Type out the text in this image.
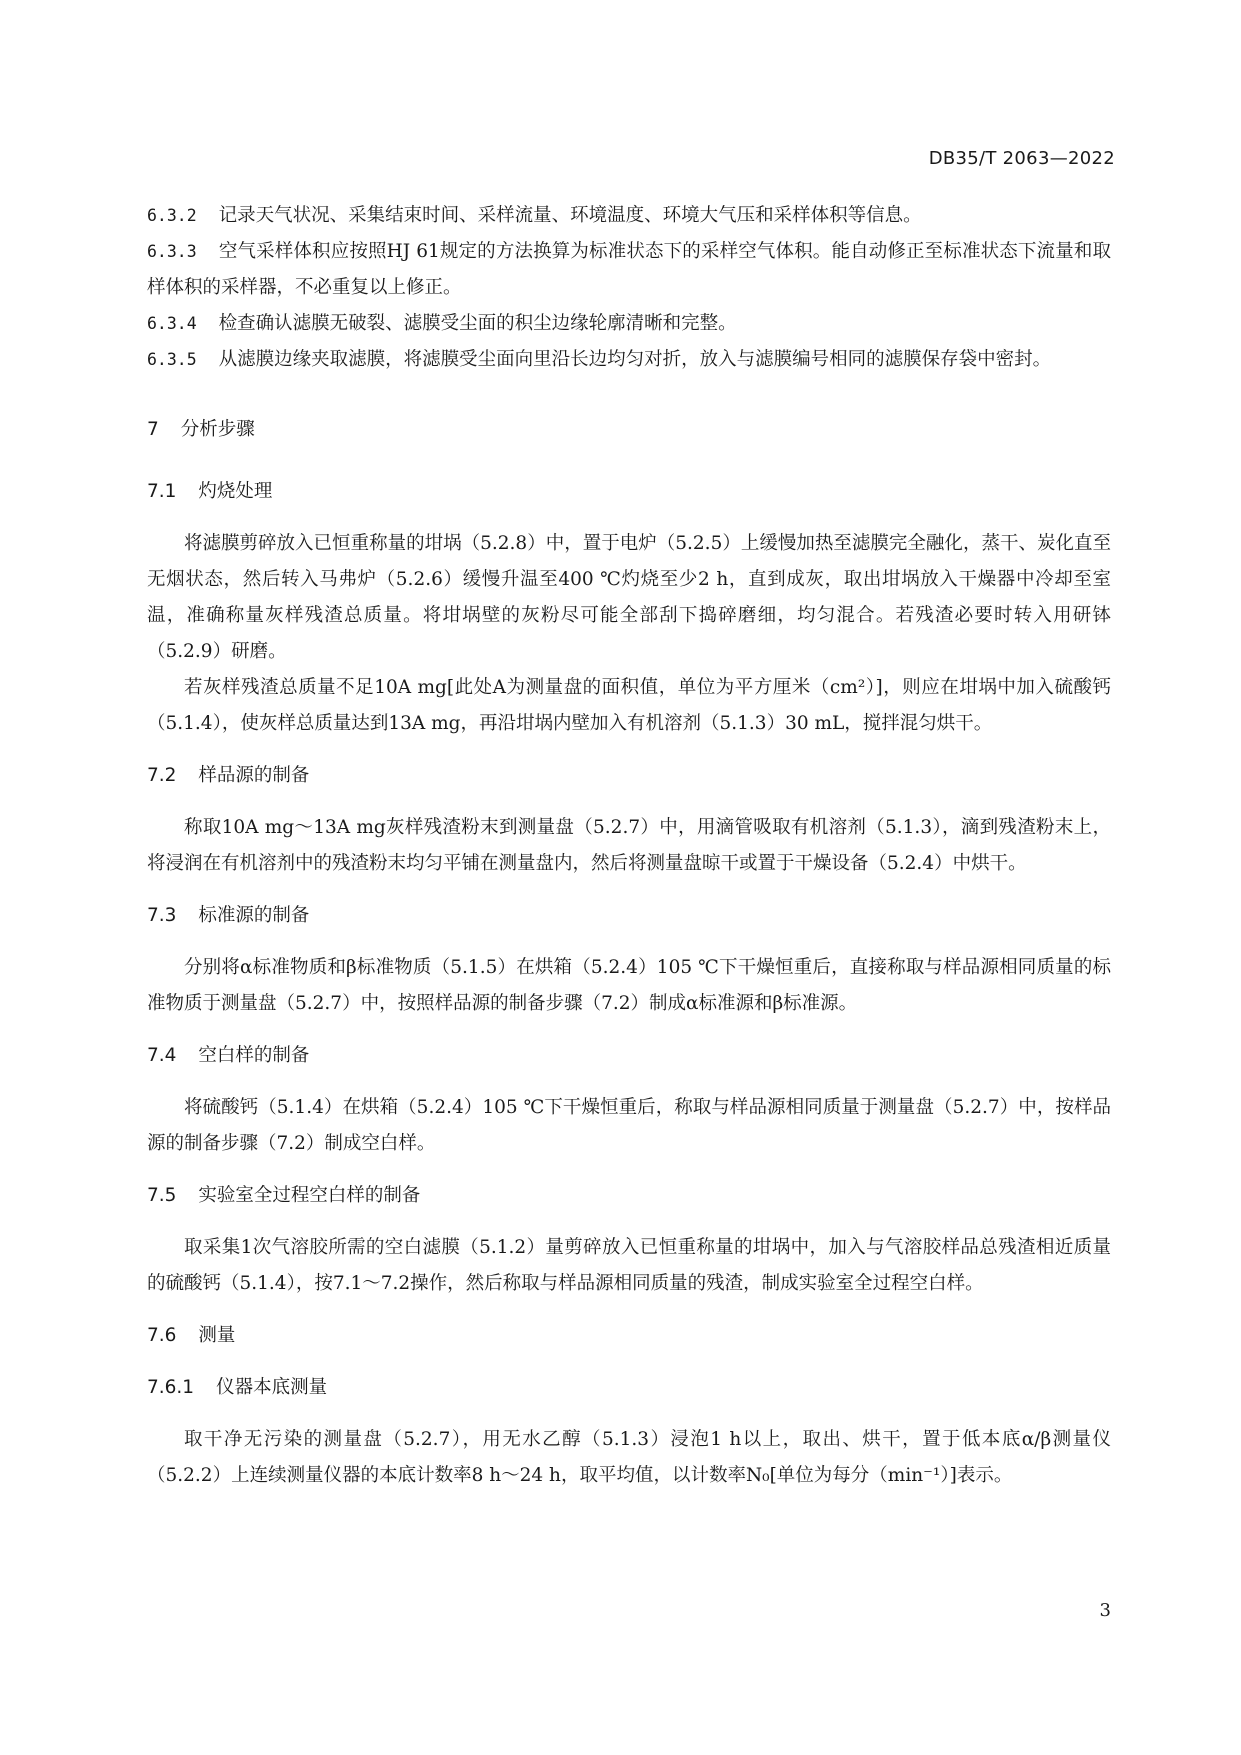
DB35/T 2063—2022

6.3.2 记录天气状况、采集结束时间、采样流量、环境温度、环境大气压和采样体积等信息。

6.3.3 空气采样体积应按照HJ 61规定的方法换算为标准状态下的采样空气体积。能自动修正至标准状态下流量和取样体积的采样器，不必重复以上修正。

6.3.4 检查确认滤膜无破裂、滤膜受尘面的积尘边缘轮廓清晰和完整。

6.3.5 从滤膜边缘夹取滤膜，将滤膜受尘面向里沿长边均匀对折，放入与滤膜编号相同的滤膜保存袋中密封。

7 分析步骤
7.1 灼烧处理

将滤膜剪碎放入已恒重称量的坩埚（5.2.8）中，置于电炉（5.2.5）上缓慢加热至滤膜完全融化，蒸干、炭化直至无烟状态，然后转入马弗炉（5.2.6）缓慢升温至400 ℃灼烧至少2 h，直到成灰，取出坩埚放入干燥器中冷却至室温，准确称量灰样残渣总质量。将坩埚壁的灰粉尽可能全部刮下捣碎磨细，均匀混合。若残渣必要时转入用研钵（5.2.9）研磨。

若灰样残渣总质量不足10A mg[此处A为测量盘的面积值，单位为平方厘米（cm²）]，则应在坩埚中加入硫酸钙（5.1.4），使灰样总质量达到13A mg，再沿坩埚内壁加入有机溶剂（5.1.3）30 mL，搅拌混匀烘干。

7.2 样品源的制备

称取10A mg～13A mg灰样残渣粉末到测量盘（5.2.7）中，用滴管吸取有机溶剂（5.1.3），滴到残渣粉末上，将浸润在有机溶剂中的残渣粉末均匀平铺在测量盘内，然后将测量盘晾干或置于干燥设备（5.2.4）中烘干。

7.3 标准源的制备

分别将α标准物质和β标准物质（5.1.5）在烘箱（5.2.4）105 ℃下干燥恒重后，直接称取与样品源相同质量的标准物质于测量盘（5.2.7）中，按照样品源的制备步骤（7.2）制成α标准源和β标准源。

7.4 空白样的制备

将硫酸钙（5.1.4）在烘箱（5.2.4）105 ℃下干燥恒重后，称取与样品源相同质量于测量盘（5.2.7）中，按样品源的制备步骤（7.2）制成空白样。

7.5 实验室全过程空白样的制备

取采集1次气溶胶所需的空白滤膜（5.1.2）量剪碎放入已恒重称量的坩埚中，加入与气溶胶样品总残渣相近质量的硫酸钙（5.1.4），按7.1～7.2操作，然后称取与样品源相同质量的残渣，制成实验室全过程空白样。

7.6 测量
7.6.1 仪器本底测量

取干净无污染的测量盘（5.2.7），用无水乙醇（5.1.3）浸泡1 h以上，取出、烘干，置于低本底α/β测量仪（5.2.2）上连续测量仪器的本底计数率8 h～24 h，取平均值，以计数率N₀[单位为每分（min⁻¹）]表示。

3
